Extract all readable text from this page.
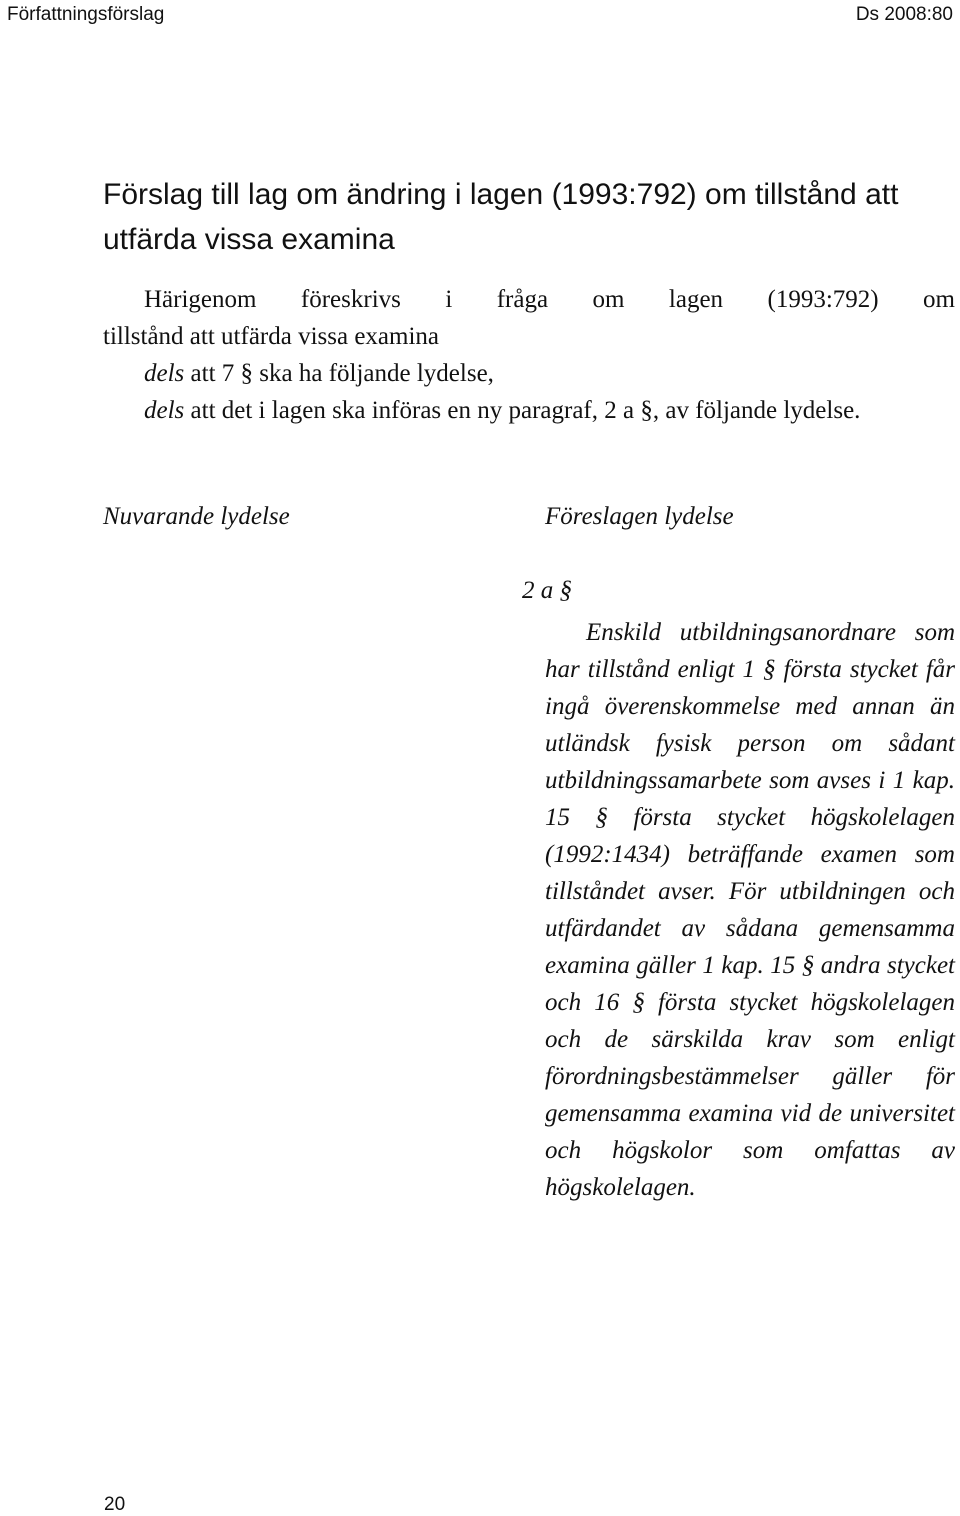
Författningsförslag	Ds 2008:80
Förslag till lag om ändring i lagen (1993:792) om tillstånd att utfärda vissa examina
Härigenom föreskrivs i fråga om lagen (1993:792) om
tillstånd att utfärda vissa examina
dels att 7 § ska ha följande lydelse,
dels att det i lagen ska införas en ny paragraf, 2 a §, av följande lydelse.
Nuvarande lydelse	Föreslagen lydelse
2 a §

Enskild utbildningsanordnare som har tillstånd enligt 1 § första stycket får ingå överenskommelse med annan än utländsk fysisk person om sådant utbildningssamarbete som avses i 1 kap. 15 § första stycket högskolelagen (1992:1434) beträffande examen som tillståndet avser. För utbildningen och utfärdandet av sådana gemensamma examina gäller 1 kap. 15 § andra stycket och 16 § första stycket högskolelagen och de särskilda krav som enligt förordningsbestämmelser gäller för gemensamma examina vid de universitet och högskolor som omfattas av högskolelagen.

20
